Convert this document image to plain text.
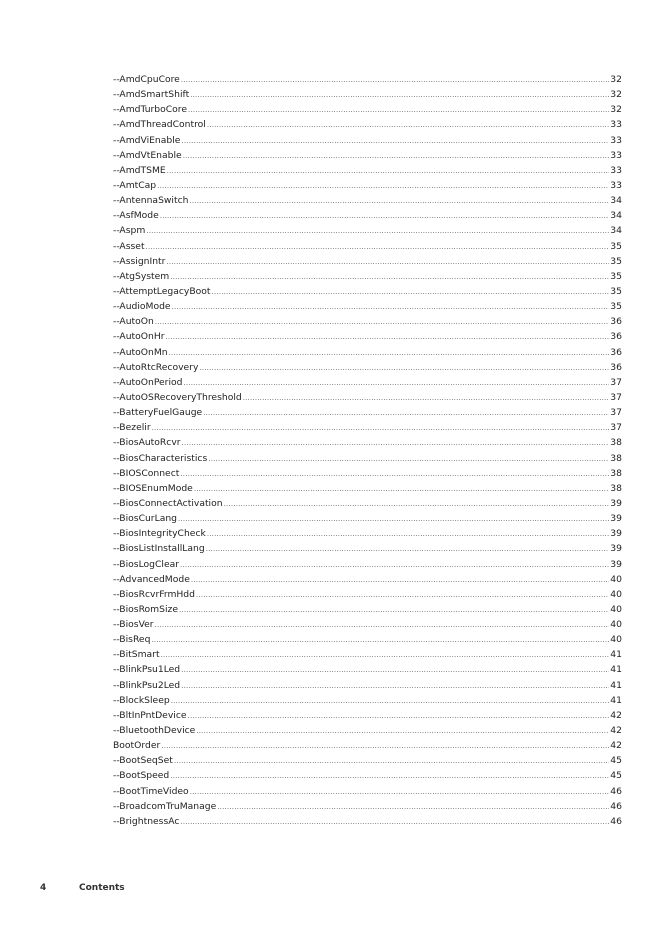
--AmdCpuCore .....	32
--AmdSmartShift .....	32
--AmdTurboCore .....	32
--AmdThreadControl .....	33
--AmdViEnable .....	33
--AmdVtEnable .....	33
--AmdTSME .....	33
--AmtCap .....	33
--AntennaSwitch .....	34
--AsfMode .....	34
--Aspm .....	34
--Asset .....	35
--AssignIntr .....	35
--AtgSystem .....	35
--AttemptLegacyBoot .....	35
--AudioMode .....	35
--AutoOn .....	36
--AutoOnHr .....	36
--AutoOnMn .....	36
--AutoRtcRecovery .....	36
--AutoOnPeriod .....	37
--AutoOSRecoveryThreshold .....	37
--BatteryFuelGauge .....	37
--Bezelir .....	37
--BiosAutoRcvr .....	38
--BiosCharacteristics .....	38
--BIOSConnect .....	38
--BIOSEnumMode .....	38
--BiosConnectActivation .....	39
--BiosCurLang .....	39
--BiosIntegrityCheck .....	39
--BiosListInstallLang .....	39
--BiosLogClear .....	39
--AdvancedMode .....	40
--BiosRcvrFrmHdd .....	40
--BiosRomSize .....	40
--BiosVer .....	40
--BisReq .....	40
--BitSmart .....	41
--BlinkPsu1Led .....	41
--BlinkPsu2Led .....	41
--BlockSleep .....	41
--BltInPntDevice .....	42
--BluetoothDevice .....	42
BootOrder .....	42
--BootSeqSet .....	45
--BootSpeed .....	45
--BootTimeVideo .....	46
--BroadcomTruManage .....	46
--BrightnessAc .....	46
4	Contents
